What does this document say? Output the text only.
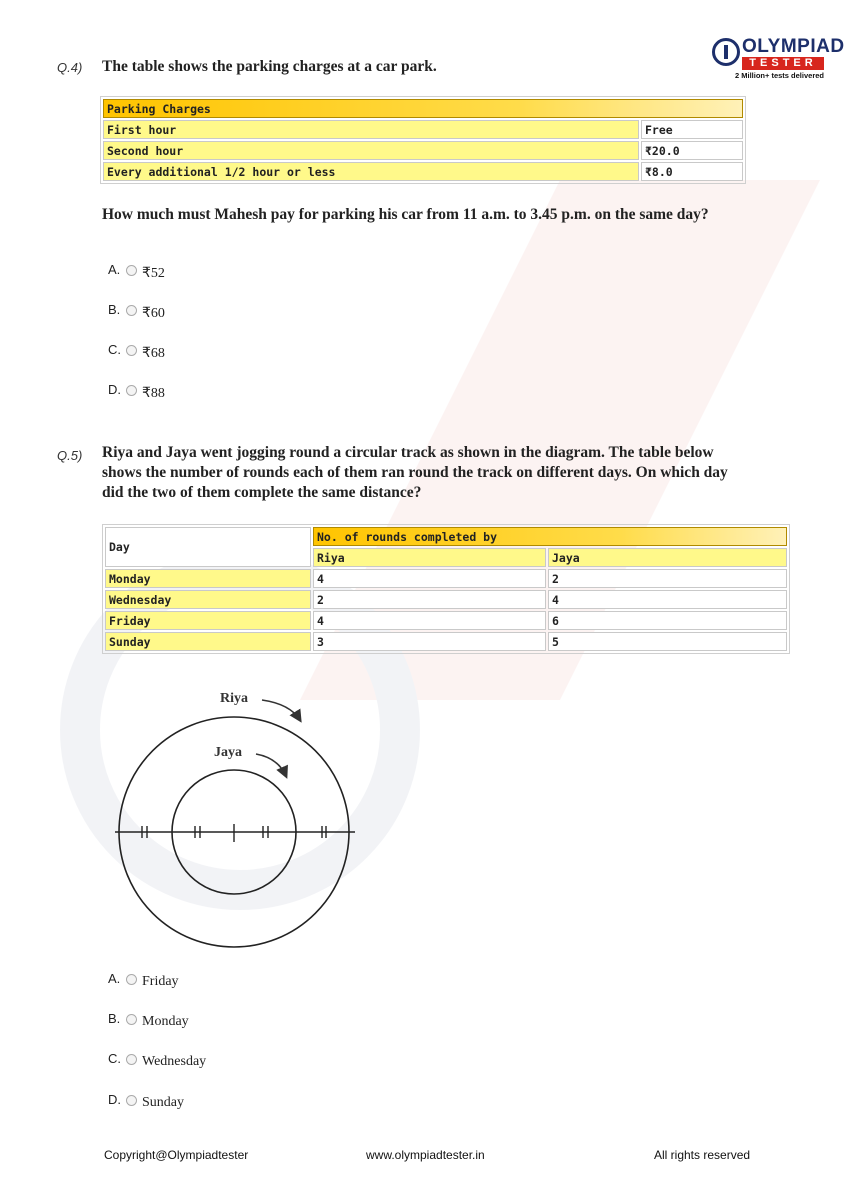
OLYMPIAD
TESTER
2 Million+ tests delivered
Q.4) The table shows the parking charges at a car park.
Parking Charges	
First hour	Free
Second hour	₹20.0
Every additional 1/2 hour or less	₹8.0
How much must Mahesh pay for parking his car from 11 a.m. to 3.45 p.m. on the same day?
A. ₹52
B. ₹60
C. ₹68
D. ₹88
Q.5) Riya and Jaya went jogging round a circular track as shown in the diagram. The table below
shows the number of rounds each of them ran round the track on different days. On which day
did the two of them complete the same distance?
Day	No. of rounds completed by	
	Riya	Jaya
Monday	4	2
Wednesday	2	4
Friday	4	6
Sunday	3	5
Riya
Jaya
A. Friday
B. Monday
C. Wednesday
D. Sunday
Copyright@Olympiadtester	www.olympiadtester.in	All rights reserved
